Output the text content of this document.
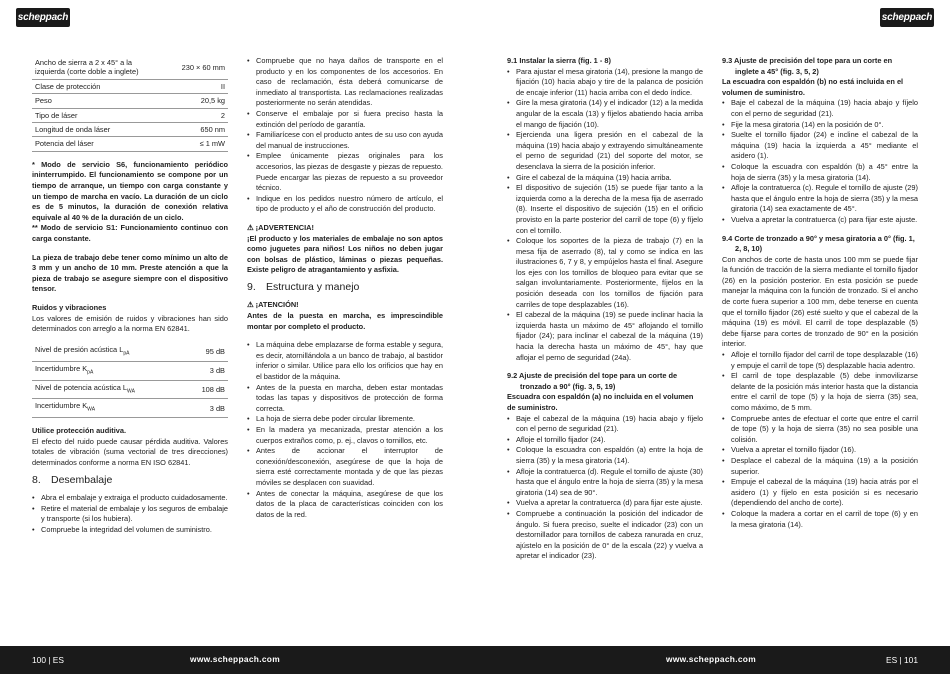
scheppach	scheppach
Ancho de sierra a 2 x 45° a la izquierda (corte doble a inglete)	230 × 60 mm
Clase de protección	II
Peso	20,5 kg
Tipo de láser	2
Longitud de onda láser	650 nm
Potencia del láser	≤ 1 mW

* Modo de servicio S6, funcionamiento periódico ininterrumpido. El funcionamiento se compone por un tiempo de arranque, un tiempo con carga constante y un tiempo de marcha en vacío. La duración de un ciclo es de 5 minutos, la duración de conexión relativa equivale al 40 % de la duración de un ciclo.

** Modo de servicio S1: Funcionamiento continuo con carga constante.

La pieza de trabajo debe tener como mínimo un alto de 3 mm y un ancho de 10 mm. Preste atención a que la pieza de trabajo se asegure siempre con el dispositivo tensor.

Ruidos y vibraciones

Los valores de emisión de ruidos y vibraciones han sido determinados con arreglo a la norma EN 62841.

Nivel de presión acústica $L_{pA}$	95 dB
Incertidumbre $K_{pA}$	3 dB
Nivel de potencia acústica $L_{WA}$	108 dB
Incertidumbre $K_{WA}$	3 dB

Utilice protección auditiva.

El efecto del ruido puede causar pérdida auditiva. Valores totales de vibración (suma vectorial de tres direcciones) determinados conforme a norma EN ISO 62841.

8. Desembalaje
• Abra el embalaje y extraiga el producto cuidadosamente.
• Retire el material de embalaje y los seguros de embalaje y transporte (si los hubiera).
• Compruebe la integridad del volumen de suministro.
• Compruebe que no haya daños de transporte en el producto y en los componentes de los accesorios. En caso de reclamación, ésta deberá comunicarse de inmediato al transportista. Las reclamaciones realizadas posteriormente no serán atendidas.
• Conserve el embalaje por si fuera preciso hasta la extinción del período de garantía.
• Familiarícese con el producto antes de su uso con ayuda del manual de instrucciones.
• Emplee únicamente piezas originales para los accesorios, las piezas de desgaste y piezas de repuesto. Puede encargar las piezas de repuesto a su proveedor técnico.
• Indique en los pedidos nuestro número de artículo, el tipo de producto y el año de construcción del producto.

⚠ ¡ADVERTENCIA!

¡El producto y los materiales de embalaje no son aptos como juguetes para niños! Los niños no deben jugar con bolsas de plástico, láminas o piezas pequeñas. Existe peligro de atragantamiento y asfixia.

9. Estructura y manejo

⚠ ¡ATENCIÓN!

Antes de la puesta en marcha, es imprescindible montar por completo el producto.

• La máquina debe emplazarse de forma estable y segura, es decir, atornillándola a un banco de trabajo, al bastidor inferior o similar. Utilice para ello los orificios que hay en el bastidor de la máquina.
• Antes de la puesta en marcha, deben estar montadas todas las tapas y dispositivos de protección de forma correcta.
• La hoja de sierra debe poder circular libremente.
• En la madera ya mecanizada, prestar atención a los cuerpos extraños como, p. ej., clavos o tornillos, etc.
• Antes de accionar el interruptor de conexión/desconexión, asegúrese de que la hoja de sierra esté correctamente montada y de que las piezas móviles se desplacen con suavidad.
• Antes de conectar la máquina, asegúrese de que los datos de la placa de características coinciden con los datos de la red.

9.1 Instalar la sierra (fig. 1 - 8)

• Para ajustar el mesa giratoria (14), presione la mango de fijación (10) hacia abajo y tire de la palanca de posición de encaje inferior (11) hacia arriba con el dedo índice.
• Gire la mesa giratoria (14) y el indicador (12) a la medida angular de la escala (13) y fíjelos abatiendo hacia arriba el mango de fijación (10).
• Ejercienda una ligera presión en el cabezal de la máquina (19) hacia abajo y extrayendo simultáneamente el perno de seguridad (21) del soporte del motor, se desenclava la sierra de la posición inferior.
• Gire el cabezal de la máquina (19) hacia arriba.
• El dispositivo de sujeción (15) se puede fijar tanto a la izquierda como a la derecha de la mesa fija de aserrado (8). Inserte el dispositivo de sujeción (15) en el orificio provisto en la parte posterior del carril de tope (6) y fíjelo con el tornillo.
• Coloque los soportes de la pieza de trabajo (7) en la mesa fija de aserrado (8), tal y como se indica en las ilustraciones 6, 7 y 8, y empújelos hasta el final. Asegure los ejes con los tornillos de bloqueo para evitar que se salgan involuntariamente. Posteriormente, fíjelos en la posición deseada con los tornillos de fijación para carriles de tope desplazables (16).
• El cabezal de la máquina (19) se puede inclinar hacia la izquierda hasta un máximo de 45° aflojando el tornillo fijador (24); para inclinar el cabezal de la máquina (19) hacia la derecha hasta un máximo de 45°, hay que aflojar el perno de seguridad (24a).

9.2 Ajuste de precisión del tope para un corte de tronzado a 90° (fig. 3, 5, 19)

Escuadra con espaldón (a) no incluida en el volumen de suministro.

• Baje el cabezal de la máquina (19) hacia abajo y fíjelo con el perno de seguridad (21).
• Afloje el tornillo fijador (24).
• Coloque la escuadra con espaldón (a) entre la hoja de sierra (35) y la mesa giratoria (14).
• Afloje la contratuerca (d). Regule el tornillo de ajuste (30) hasta que el ángulo entre la hoja de sierra (35) y la mesa giratoria (14) sea de 90°.
• Vuelva a apretar la contratuerca (d) para fijar este ajuste.
• Compruebe a continuación la posición del indicador de ángulo. Si fuera preciso, suelte el indicador (23) con un destornillador para tornillos de cabeza ranurada en cruz, ajústelo en la posición de 0° de la escala (22) y vuelva a apretar el indicador (23).

9.3 Ajuste de precisión del tope para un corte en inglete a 45° (fig. 3, 5, 2)

La escuadra con espaldón (b) no está incluida en el volumen de suministro.

• Baje el cabezal de la máquina (19) hacia abajo y fíjelo con el perno de seguridad (21).
• Fije la mesa giratoria (14) en la posición de 0°.
• Suelte el tornillo fijador (24) e incline el cabezal de la máquina (19) hacia la izquierda a 45° mediante el asidero (1).
• Coloque la escuadra con espaldón (b) a 45° entre la hoja de sierra (35) y la mesa giratoria (14).
• Afloje la contratuerca (c). Regule el tornillo de ajuste (29) hasta que el ángulo entre la hoja de sierra (35) y la mesa giratoria (14) sea exactamente de 45°.
• Vuelva a apretar la contratuerca (c) para fijar este ajuste.

9.4 Corte de tronzado a 90° y mesa giratoria a 0° (fig. 1, 2, 8, 10)

Con anchos de corte de hasta unos 100 mm se puede fijar la función de tracción de la sierra mediante el tornillo fijador (26) en la posición posterior. En esta posición se puede manejar la máquina con la función de tronzado. Si el ancho de corte fuera superior a 100 mm, debe tenerse en cuenta que el tornillo fijador (26) esté suelto y que el cabezal de la máquina (19) es móvil. El carril de tope desplazable (5) debe fijarse para cortes de tronzado de 90° en la posición interior.

• Afloje el tornillo fijador del carril de tope desplazable (16) y empuje el carril de tope (5) desplazable hacia adentro.
• El carril de tope desplazable (5) debe inmovilizarse delante de la posición más interior hasta que la distancia entre el carril de tope (5) y la hoja de sierra (35) sea, como máximo, de 5 mm.
• Compruebe antes de efectuar el corte que entre el carril de tope (5) y la hoja de sierra (35) no sea posible una colisión.
• Vuelva a apretar el tornillo fijador (16).
• Desplace el cabezal de la máquina (19) a la posición superior.
• Empuje el cabezal de la máquina (19) hacia atrás por el asidero (1) y fíjelo en esta posición si es necesario (dependiendo del ancho de corte).
• Coloque la madera a cortar en el carril de tope (6) y en la mesa giratoria (14).
100 | ES	www.scheppach.com	www.scheppach.com	ES | 101
